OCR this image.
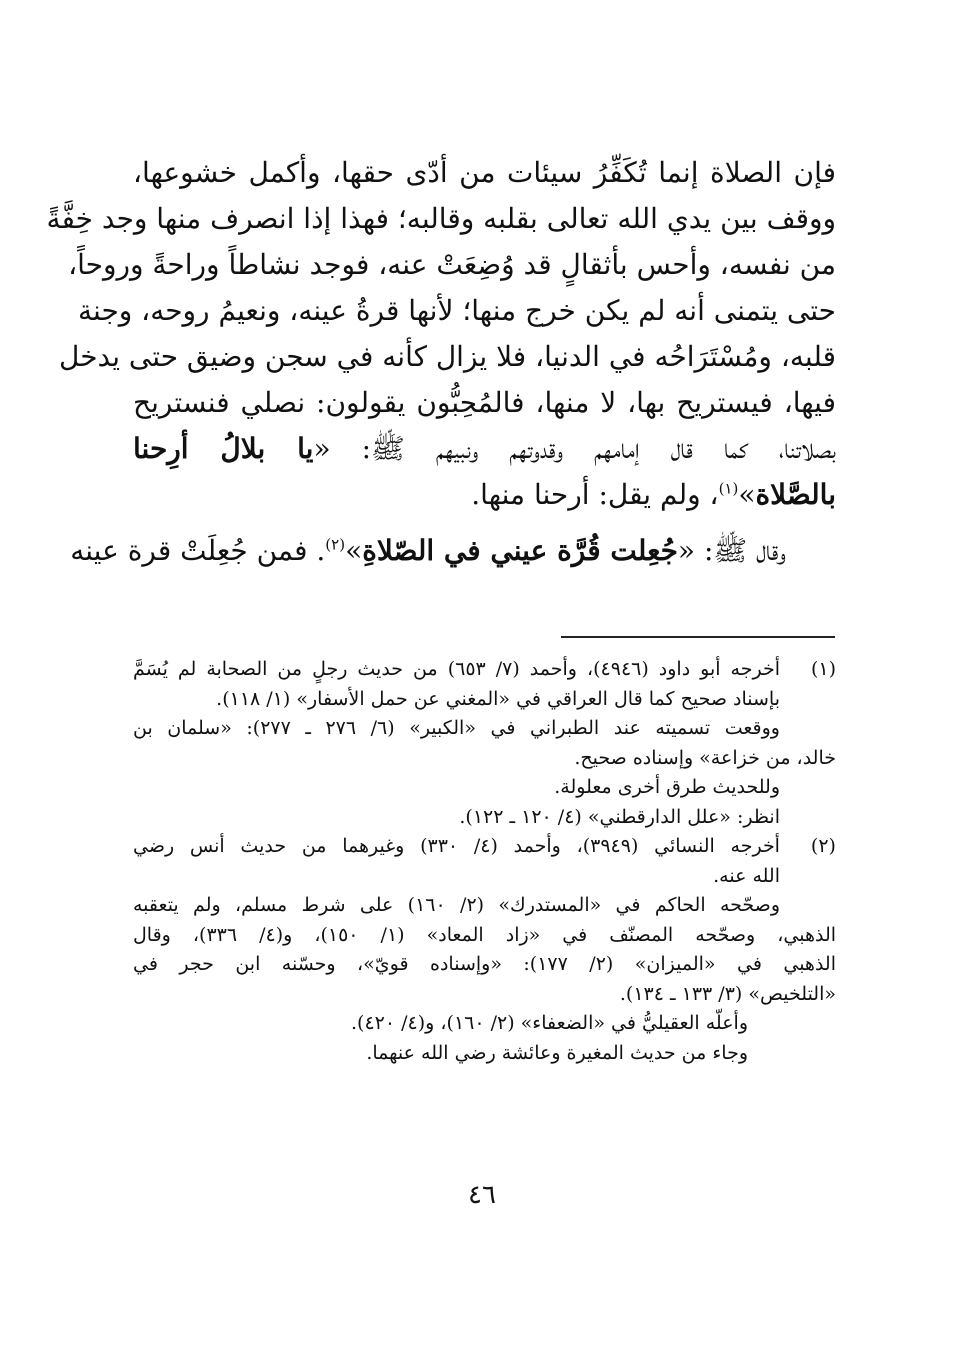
فإن الصلاة إنما تُكَفِّرُ سيئات من أدّى حقها، وأكمل خشوعها،
ووقف بين يدي الله تعالى بقلبه وقالبه؛ فهذا إذا انصرف منها وجد خِفَّةً
من نفسه، وأحس بأثقالٍ قد وُضِعَتْ عنه، فوجد نشاطاً وراحةً وروحاً،
حتى يتمنى أنه لم يكن خرج منها؛ لأنها قرةُ عينه، ونعيمُ روحه، وجنة
قلبه، ومُسْتَرَاحُه في الدنيا، فلا يزال كأنه في سجن وضيق حتى يدخل
فيها، فيستريح بها، لا منها، فالمُحِبُّون يقولون: نصلي فنستريح
بصلاتنا، كما قال إمامهم وقدوتهم ونبيهم ﷺ: «يا بلالُ أرِحنا
بالصَّلاة»$^{(١)}$، ولم يقل: أرحنا منها.
وقال ﷺ: «جُعِلت قُرَّة عيني في الصّلاةِ»$^{(٢)}$. فمن جُعِلَتْ قرة عينه
(١)أخرجه أبو داود (٤٩٤٦)، وأحمد (٧/ ٦٥٣) من حديث رجلٍ من الصحابة لم يُسَمَّ
بإسناد صحيح كما قال العراقي في «المغني عن حمل الأسفار» (١/ ١١٨).
ووقعت تسميته عند الطبراني في «الكبير» (٦/ ٢٧٦ ـ ٢٧٧): «سلمان بن
خالد، من خزاعة» وإسناده صحيح.
وللحديث طرق أخرى معلولة.
انظر: «علل الدارقطني» (٤/ ١٢٠ ـ ١٢٢).
(٢)أخرجه النسائي (٣٩٤٩)، وأحمد (٤/ ٣٣٠) وغيرهما من حديث أنس رضي
الله عنه.
وصحّحه الحاكم في «المستدرك» (٢/ ١٦٠) على شرط مسلم، ولم يتعقبه
الذهبي، وصحّحه المصنّف في «زاد المعاد» (١/ ١٥٠)، و(٤/ ٣٣٦)، وقال
الذهبي في «الميزان» (٢/ ١٧٧): «وإسناده قويّ»، وحسّنه ابن حجر في
«التلخيص» (٣/ ١٣٣ ـ ١٣٤).
وأعلّه العقيليُّ في «الضعفاء» (٢/ ١٦٠)، و(٤/ ٤٢٠).
وجاء من حديث المغيرة وعائشة رضي الله عنهما.
٤٦
